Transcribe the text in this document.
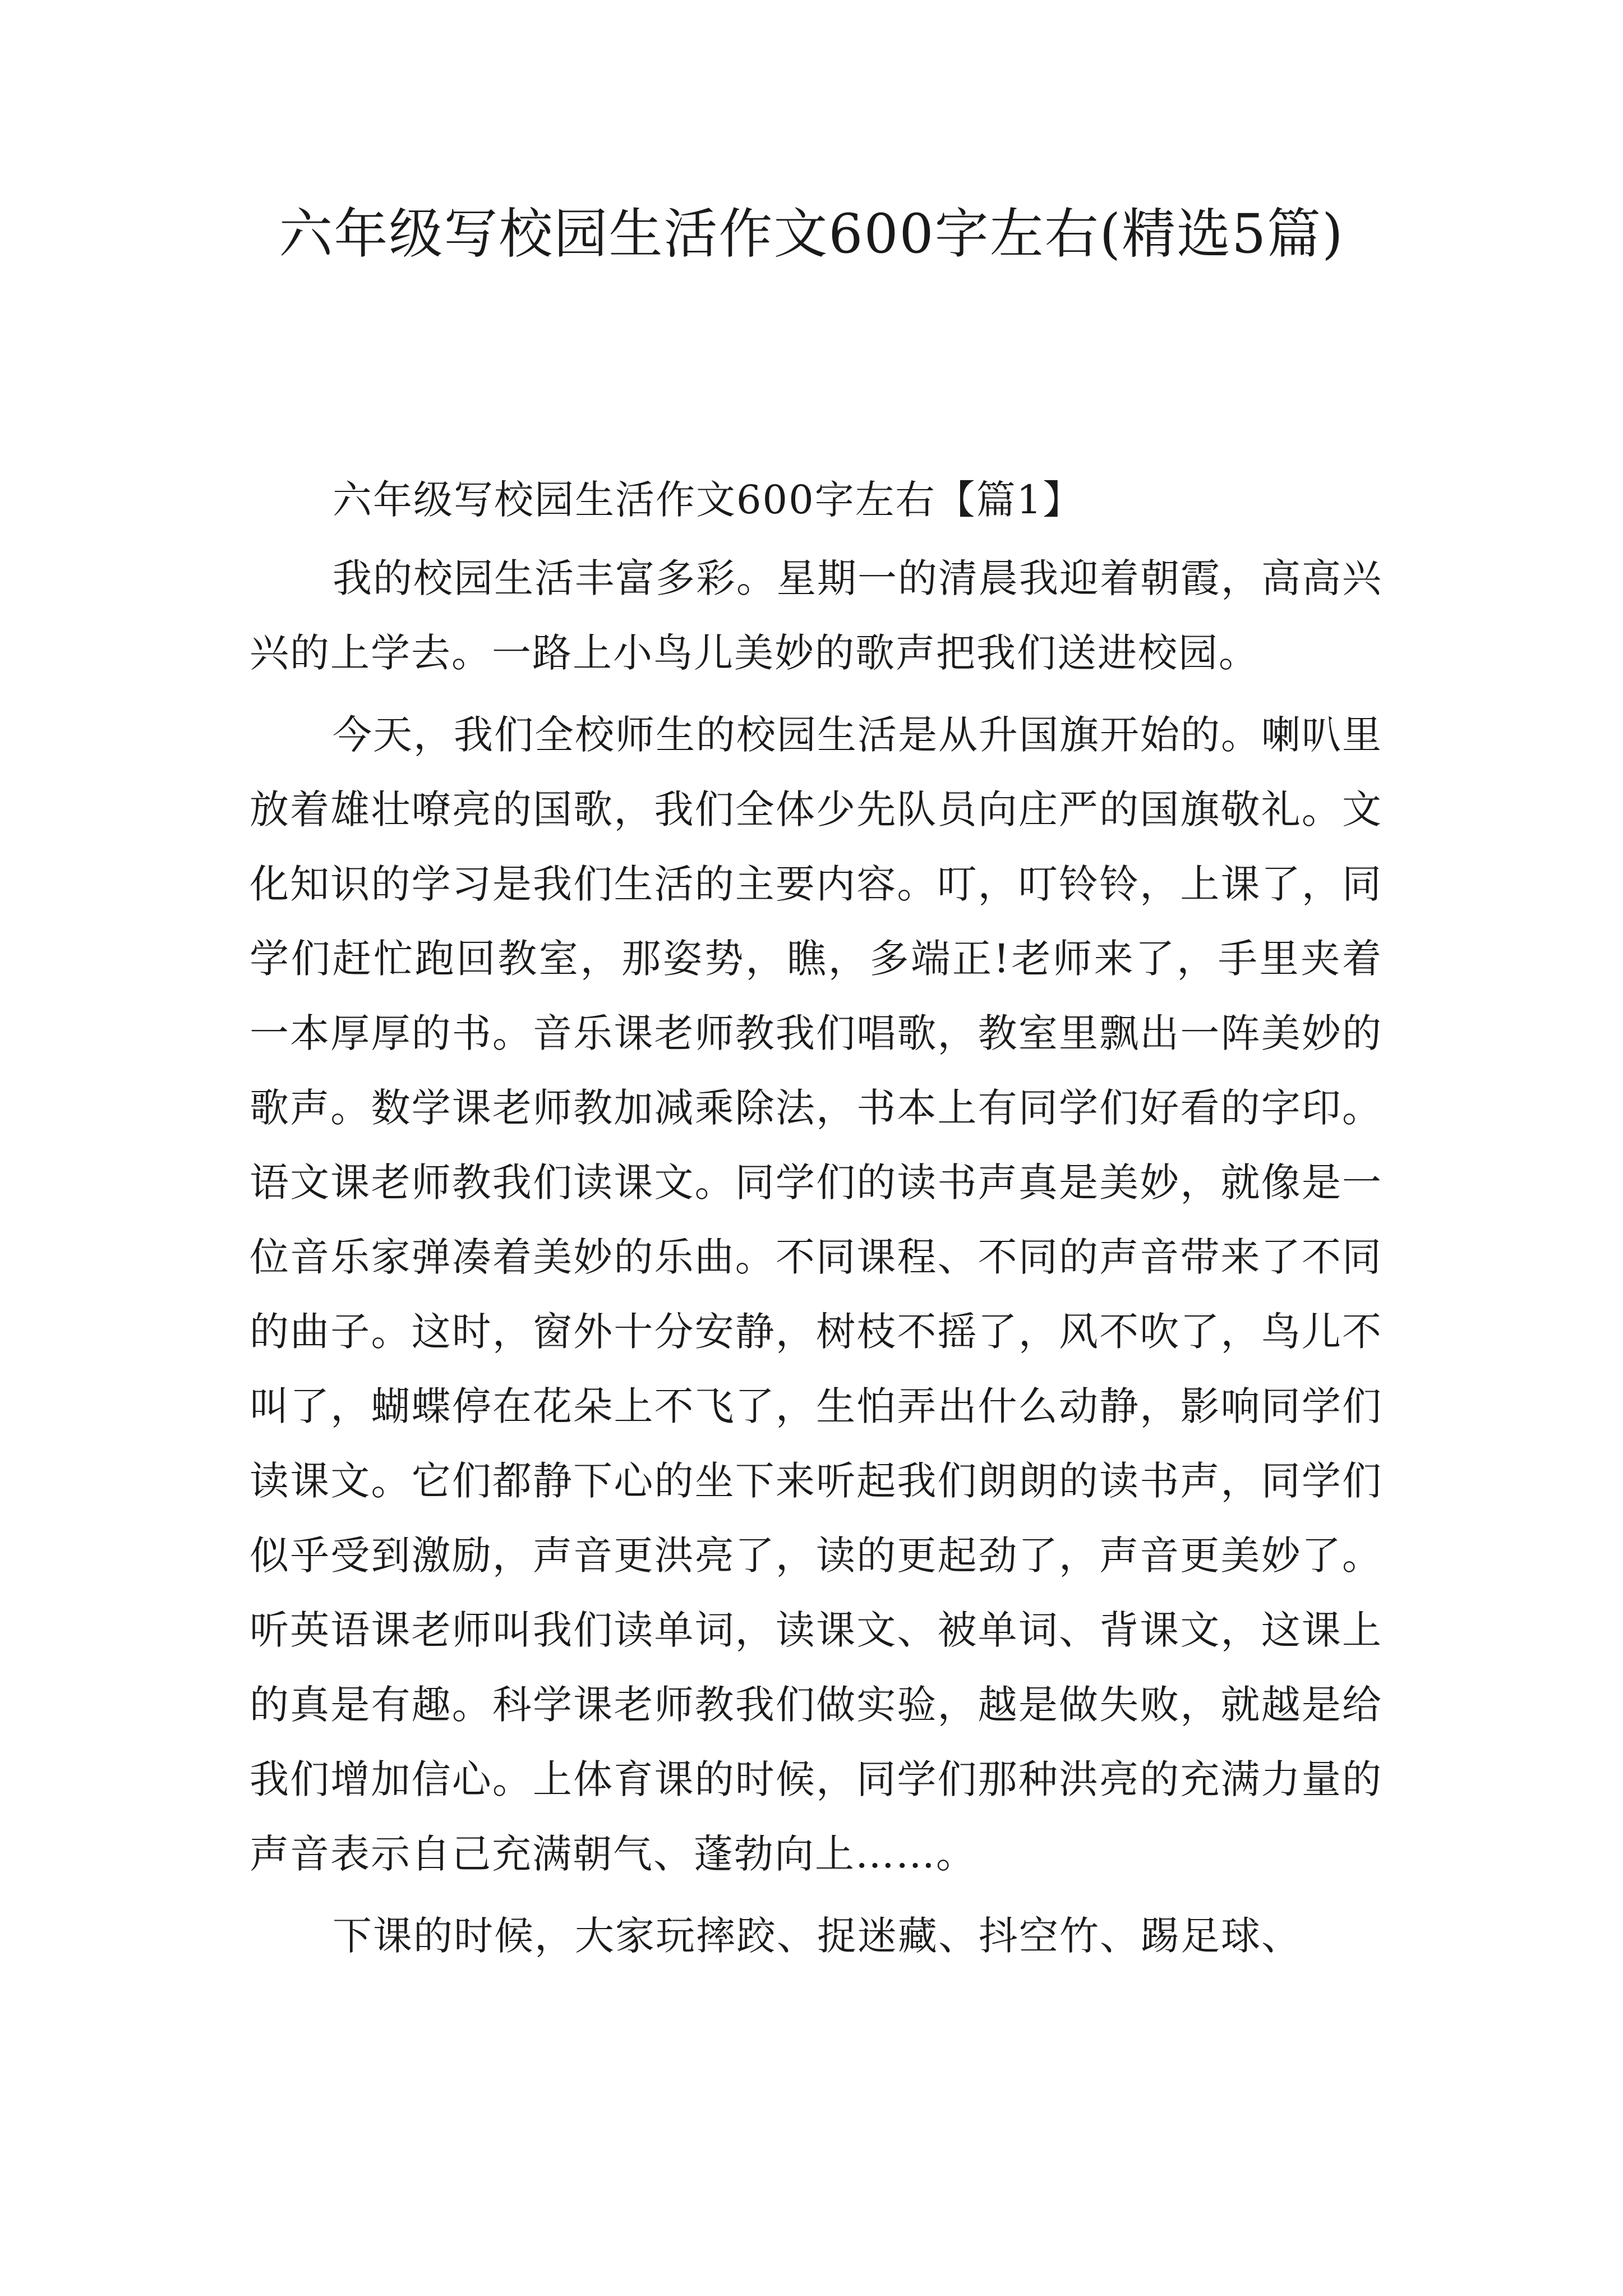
六年级写校园生活作文600字左右(精选5篇)
六年级写校园生活作文600字左右【篇1】

我的校园生活丰富多彩。星期一的清晨我迎着朝霞，高高兴兴的上学去。一路上小鸟儿美妙的歌声把我们送进校园。

今天，我们全校师生的校园生活是从升国旗开始的。喇叭里放着雄壮嘹亮的国歌，我们全体少先队员向庄严的国旗敬礼。文化知识的学习是我们生活的主要内容。叮，叮铃铃，上课了，同学们赶忙跑回教室，那姿势，瞧，多端正!老师来了，手里夹着一本厚厚的书。音乐课老师教我们唱歌，教室里飘出一阵美妙的歌声。数学课老师教加减乘除法，书本上有同学们好看的字印。语文课老师教我们读课文。同学们的读书声真是美妙，就像是一位音乐家弹凑着美妙的乐曲。不同课程、不同的声音带来了不同的曲子。这时，窗外十分安静，树枝不摇了，风不吹了，鸟儿不叫了，蝴蝶停在花朵上不飞了，生怕弄出什么动静，影响同学们读课文。它们都静下心的坐下来听起我们朗朗的读书声，同学们似乎受到激励，声音更洪亮了，读的更起劲了，声音更美妙了。听英语课老师叫我们读单词，读课文、被单词、背课文，这课上的真是有趣。科学课老师教我们做实验，越是做失败，就越是给我们增加信心。上体育课的时候，同学们那种洪亮的充满力量的声音表示自己充满朝气、蓬勃向上……。

下课的时候，大家玩摔跤、捉迷藏、抖空竹、踢足球、
